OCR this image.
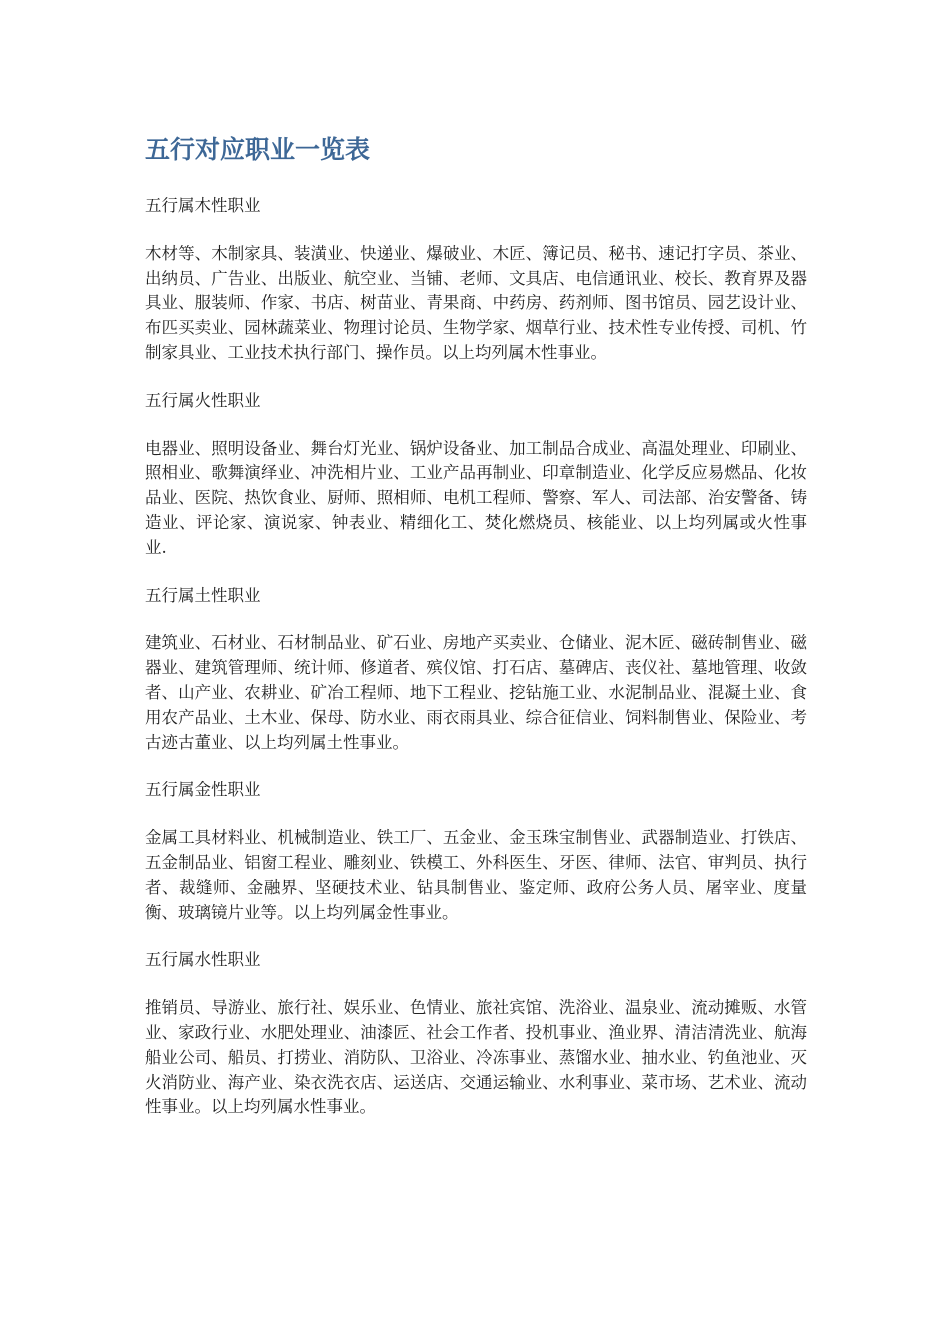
五行对应职业一览表

五行属木性职业

木材等、木制家具、装潢业、快递业、爆破业、木匠、簿记员、秘书、速记打字员、茶业、出纳员、广告业、出版业、航空业、当铺、老师、文具店、电信通讯业、校长、教育界及器具业、服装师、作家、书店、树苗业、青果商、中药房、药剂师、图书馆员、园艺设计业、布匹买卖业、园林蔬菜业、物理讨论员、生物学家、烟草行业、技术性专业传授、司机、竹制家具业、工业技术执行部门、操作员。以上均列属木性事业。

五行属火性职业

电器业、照明设备业、舞台灯光业、锅炉设备业、加工制品合成业、高温处理业、印刷业、照相业、歌舞演绎业、冲洗相片业、工业产品再制业、印章制造业、化学反应易燃品、化妆品业、医院、热饮食业、厨师、照相师、电机工程师、警察、军人、司法部、治安警备、铸造业、评论家、演说家、钟表业、精细化工、焚化燃烧员、核能业、以上均列属或火性事业.

五行属土性职业

建筑业、石材业、石材制品业、矿石业、房地产买卖业、仓储业、泥木匠、磁砖制售业、磁器业、建筑管理师、统计师、修道者、殡仪馆、打石店、墓碑店、丧仪社、墓地管理、收敛者、山产业、农耕业、矿冶工程师、地下工程业、挖钻施工业、水泥制品业、混凝土业、食用农产品业、土木业、保母、防水业、雨衣雨具业、综合征信业、饲料制售业、保险业、考古迹古董业、以上均列属土性事业。

五行属金性职业

金属工具材料业、机械制造业、铁工厂、五金业、金玉珠宝制售业、武器制造业、打铁店、五金制品业、铝窗工程业、雕刻业、铁模工、外科医生、牙医、律师、法官、审判员、执行者、裁缝师、金融界、坚硬技术业、钻具制售业、鉴定师、政府公务人员、屠宰业、度量衡、玻璃镜片业等。以上均列属金性事业。

五行属水性职业

推销员、导游业、旅行社、娱乐业、色情业、旅社宾馆、洗浴业、温泉业、流动摊贩、水管业、家政行业、水肥处理业、油漆匠、社会工作者、投机事业、渔业界、清洁清洗业、航海船业公司、船员、打捞业、消防队、卫浴业、冷冻事业、蒸馏水业、抽水业、钓鱼池业、灭火消防业、海产业、染衣洗衣店、运送店、交通运输业、水利事业、菜市场、艺术业、流动性事业。以上均列属水性事业。
